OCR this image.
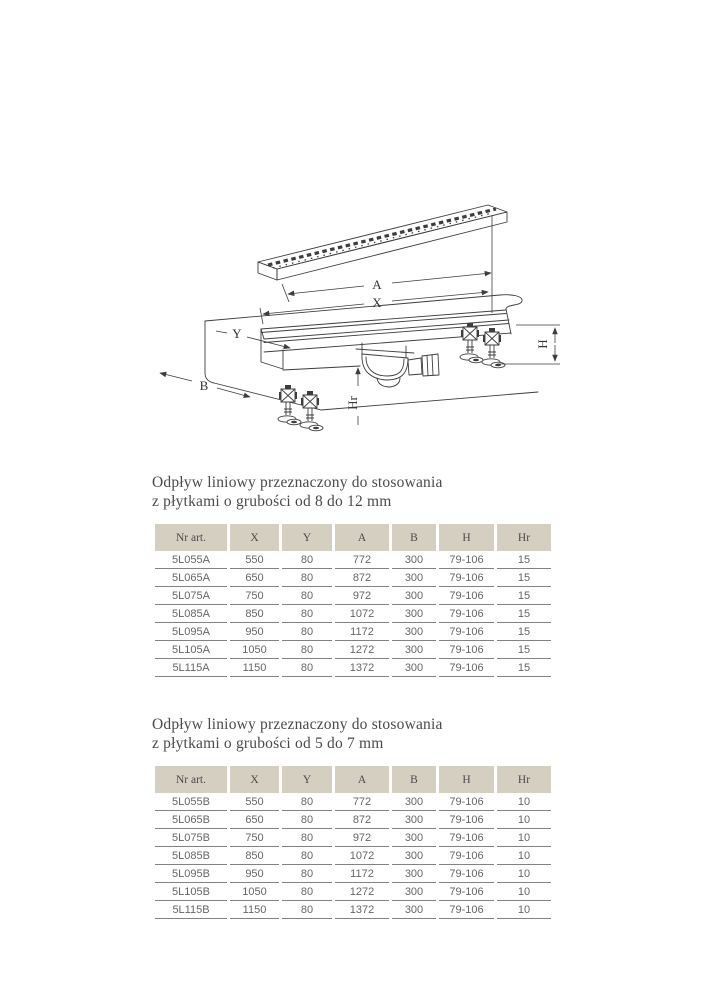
A
X
Y
B
H
Hr
Odpływ liniowy przeznaczony do stosowania
z płytkami o grubości od 8 do 12 mm
Nr art.	X	Y	A	B	H	Hr
5L055A	550	80	772	300	79-106	15
5L065A	650	80	872	300	79-106	15
5L075A	750	80	972	300	79-106	15
5L085A	850	80	1072	300	79-106	15
5L095A	950	80	1172	300	79-106	15
5L105A	1050	80	1272	300	79-106	15
5L115A	1150	80	1372	300	79-106	15
Odpływ liniowy przeznaczony do stosowania
z płytkami o grubości od 5 do 7 mm
Nr art.	X	Y	A	B	H	Hr
5L055B	550	80	772	300	79-106	10
5L065B	650	80	872	300	79-106	10
5L075B	750	80	972	300	79-106	10
5L085B	850	80	1072	300	79-106	10
5L095B	950	80	1172	300	79-106	10
5L105B	1050	80	1272	300	79-106	10
5L115B	1150	80	1372	300	79-106	10
